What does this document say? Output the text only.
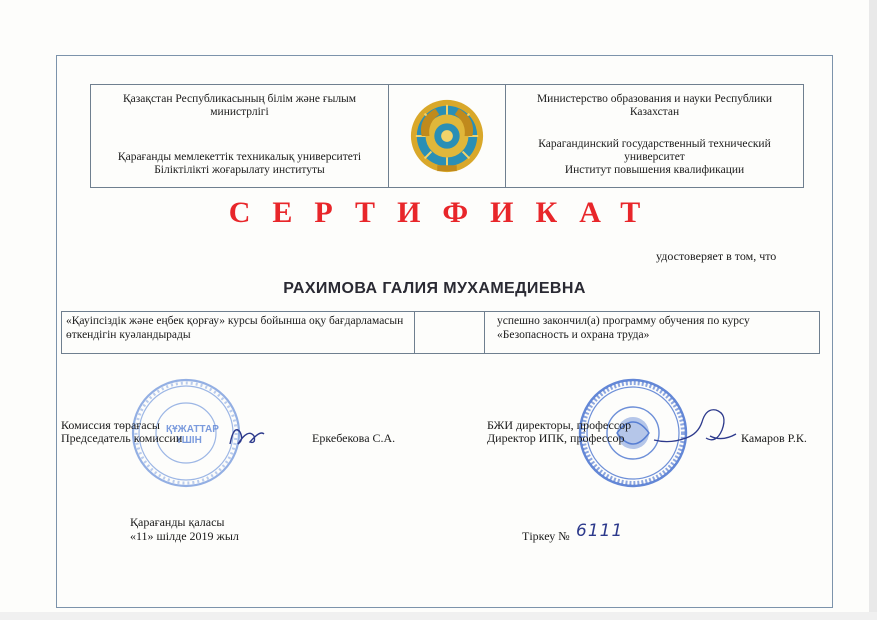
Қазақстан Республикасының білім және ғылым министрлігі
Қарағанды мемлекеттік техникалық университеті
Біліктілікті жоғарылату институты
Министерство образования и науки Республики Казахстан
Карагандинский государственный технический университет
Институт повышения квалификации
СЕРТИФИКАТ
удостоверяет в том, что
РАХИМОВА ГАЛИЯ МУХАМЕДИЕВНА
«Қауіпсіздік және еңбек қорғау» курсы бойынша оқу бағдарламасын өткендігін куәландырады
успешно закончил(а) программу обучения по курсу «Безопасность и охрана труда»
ҚҰЖАТТАР ҮШІН
Комиссия төрағасы
Председатель комиссии	Еркебекова С.А.
БЖИ директоры, профессор
Директор ИПК, профессор	Камаров Р.К.
Қарағанды қаласы
«11» шілде 2019 жыл	Тіркеу № 6111
